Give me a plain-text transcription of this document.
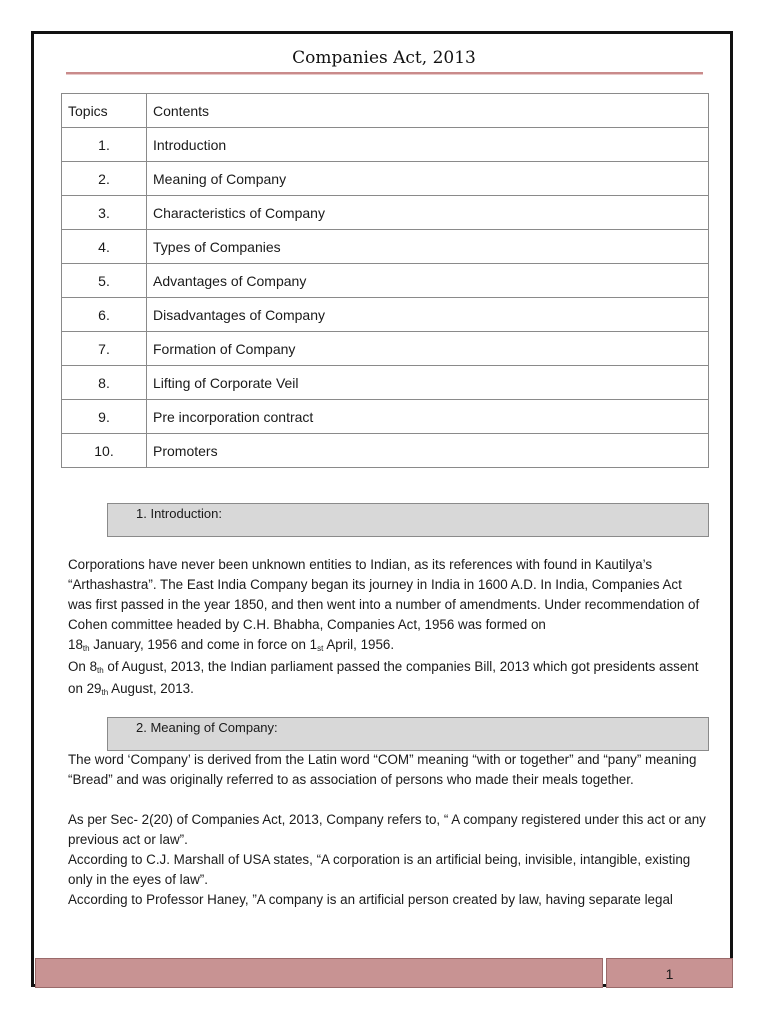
Companies Act, 2013
Topics	Contents
1.	Introduction
2.	Meaning of Company
3.	Characteristics of Company
4.	Types of Companies
5.	Advantages of Company
6.	Disadvantages of Company
7.	Formation of Company
8.	Lifting of Corporate Veil
9.	Pre incorporation contract
10.	Promoters
1. Introduction:

Corporations have never been unknown entities to Indian, as its references with found in Kautilya’s “Arthashastra”. The East India Company began its journey in India in 1600 A.D. In India, Companies Act was first passed in the year 1850, and then went into a number of amendments. Under recommendation of Cohen committee headed by C.H. Bhabha, Companies Act, 1956 was formed on
18th January, 1956 and come in force on 1st April, 1956.

On 8th of August, 2013, the Indian parliament passed the companies Bill, 2013 which got presidents assent on 29th August, 2013.

2. Meaning of Company:

The word ‘Company’ is derived from the Latin word “COM” meaning “with or together” and “pany” meaning “Bread” and was originally referred to as association of persons who made their meals together.

As per Sec- 2(20) of Companies Act, 2013, Company refers to, “ A company registered under this act or any previous act or law”.

According to C.J. Marshall of USA states, “A corporation is an artificial being, invisible, intangible, existing only in the eyes of law”.

According to Professor Haney, ”A company is an artificial person created by law, having separate legal

1
